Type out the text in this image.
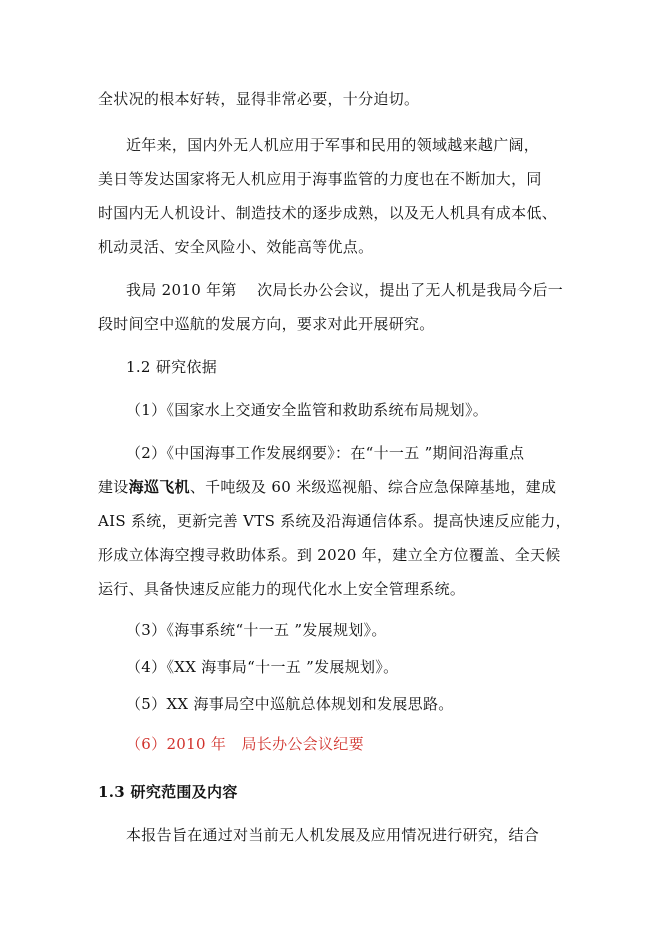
全状况的根本好转，显得非常必要，十分迫切。
近年来，国内外无人机应用于军事和民用的领域越来越广阔，
美日等发达国家将无人机应用于海事监管的力度也在不断加大，同
时国内无人机设计、制造技术的逐步成熟，以及无人机具有成本低、
机动灵活、安全风险小、效能高等优点。
我局 2010 年第　 次局长办公会议，提出了无人机是我局今后一
段时间空中巡航的发展方向，要求对此开展研究。
1.2 研究依据
（1）《国家水上交通安全监管和救助系统布局规划》。
（2）《中国海事工作发展纲要》：在“十一五 ”期间沿海重点
建设海巡飞机、千吨级及 60 米级巡视船、综合应急保障基地，建成
AIS 系统，更新完善 VTS 系统及沿海通信体系。提高快速反应能力，
形成立体海空搜寻救助体系。到 2020 年，建立全方位覆盖、全天候
运行、具备快速反应能力的现代化水上安全管理系统。
（3）《海事系统“十一五 ”发展规划》。
（4）《XX 海事局“十一五 ”发展规划》。
（5）XX 海事局空中巡航总体规划和发展思路。
（6）2010 年　局长办公会议纪要
1.3 研究范围及内容
本报告旨在通过对当前无人机发展及应用情况进行研究，结合
